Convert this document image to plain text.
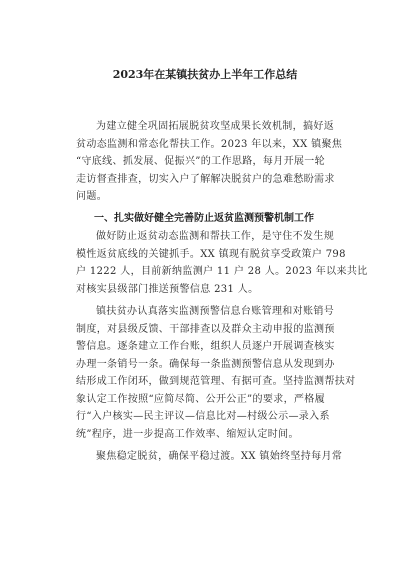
2023年在某镇扶贫办上半年工作总结

为建立健全巩固拓展脱贫攻坚成果长效机制，搞好返
贫动态监测和常态化帮扶工作。2023 年以来，XX 镇聚焦
“守底线、抓发展、促振兴”的工作思路，每月开展一轮
走访督查排查，切实入户了解解决脱贫户的急难愁盼需求
问题。

一、扎实做好健全完善防止返贫监测预警机制工作

做好防止返贫动态监测和帮扶工作，是守住不发生规
模性返贫底线的关键抓手。XX 镇现有脱贫享受政策户 798
户 1222 人，目前新纳监测户 11 户 28 人。2023 年以来共比
对核实县级部门推送预警信息 231 人。

镇扶贫办认真落实监测预警信息台账管理和对账销号
制度，对县级反馈、干部排查以及群众主动申报的监测预
警信息。逐条建立工作台账，组织人员逐户开展调查核实
办理一条销号一条。确保每一条监测预警信息从发现到办
结形成工作闭环，做到规范管理、有据可查。坚持监测帮扶对
象认定工作按照“应简尽简、公开公正”的要求，严格履
行“入户核实—民主评议—信息比对—村级公示—录入系
统”程序，进一步提高工作效率、缩短认定时间。

聚焦稳定脱贫，确保平稳过渡。XX 镇始终坚持每月常
